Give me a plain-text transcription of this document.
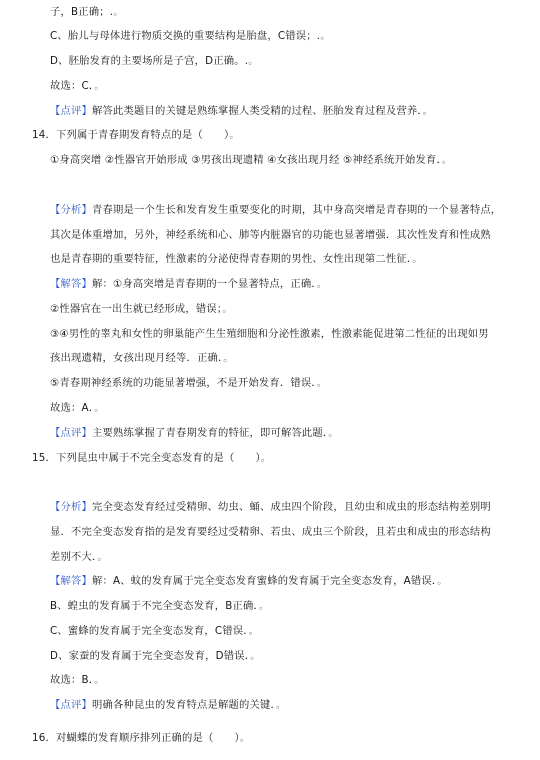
子，B正确；.。
C、胎儿与母体进行物质交换的重要结构是胎盘，C错误；.。
D、胚胎发育的主要场所是子宫，D正确。.。
故选：C．。
【点评】解答此类题目的关键是熟练掌握人类受精的过程、胚胎发育过程及营养．。
14．下列属于青春期发育特点的是（　　）。
①身高突增 ②性器官开始形成 ③男孩出现遗精 ④女孩出现月经 ⑤神经系统开始发育．。
【分析】青春期是一个生长和发育发生重要变化的时期，其中身高突增是青春期的一个显著特点，
其次是体重增加，另外，神经系统和心、肺等内脏器官的功能也显著增强．其次性发育和性成熟
也是青春期的重要特征，性激素的分泌使得青春期的男性、女性出现第二性征．。
【解答】解：①身高突增是青春期的一个显著特点，正确．。
②性器官在一出生就已经形成，错误；。
③④男性的睾丸和女性的卵巢能产生生殖细胞和分泌性激素，性激素能促进第二性征的出现如男
孩出现遗精，女孩出现月经等．正确．。
⑤青春期神经系统的功能显著增强，不是开始发育．错误．。
故选：A．。
【点评】主要熟练掌握了青春期发育的特征，即可解答此题．。
15．下列昆虫中属于不完全变态发育的是（　　）。
【分析】完全变态发育经过受精卵、幼虫、蛹、成虫四个阶段，且幼虫和成虫的形态结构差别明
显．不完全变态发育指的是发育要经过受精卵、若虫、成虫三个阶段，且若虫和成虫的形态结构
差别不大．。
【解答】解：A、蚊的发育属于完全变态发育蜜蜂的发育属于完全变态发育，A错误．。
B、蝗虫的发育属于不完全变态发育，B正确．。
C、蜜蜂的发育属于完全变态发育，C错误．。
D、家蚕的发育属于完全变态发育，D错误．。
故选：B．。
【点评】明确各种昆虫的发育特点是解题的关键．。
16．对蝴蝶的发育顺序排列正确的是（　　）。
